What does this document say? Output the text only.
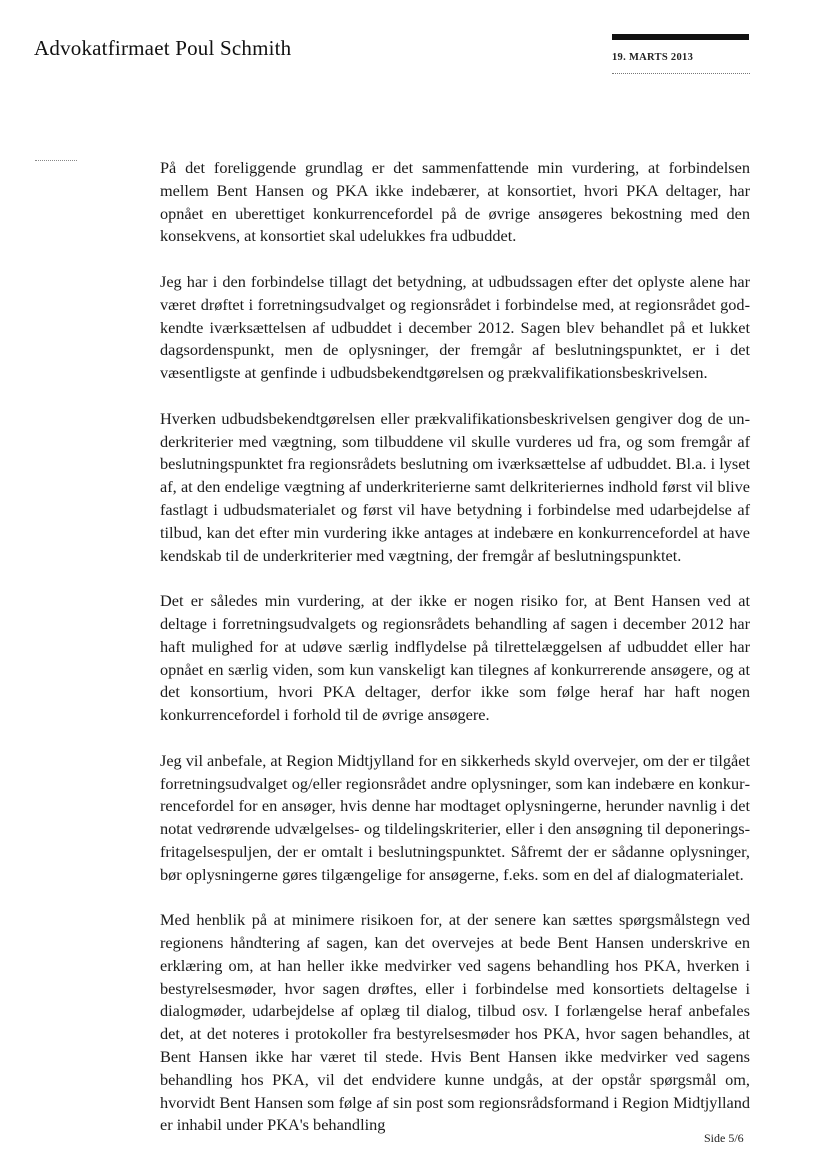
Advokatfirmaet Poul Schmith	19. MARTS 2013

På det foreliggende grundlag er det sammenfattende min vurdering, at forbindelsen mellem Bent Hansen og PKA ikke indebærer, at konsortiet, hvori PKA deltager, har opnået en uberettiget konkurrencefordel på de øvrige ansøgeres bekostning med den konsekvens, at konsortiet skal udelukkes fra udbuddet.

Jeg har i den forbindelse tillagt det betydning, at udbudssagen efter det oplyste alene har været drøftet i forretningsudvalget og regionsrådet i forbindelse med, at regionsrådet godkendte iværksættelsen af udbuddet i december 2012. Sagen blev behandlet på et lukket dagsordenspunkt, men de oplysninger, der fremgår af beslutningspunktet, er i det væsentligste at genfinde i udbudsbekendtgørelsen og prækvalifikationsbeskrivelsen.

Hverken udbudsbekendtgørelsen eller prækvalifikationsbeskrivelsen gengiver dog de underkriterier med vægtning, som tilbuddene vil skulle vurderes ud fra, og som fremgår af beslutningspunktet fra regionsrådets beslutning om iværksættelse af udbuddet. Bl.a. i lyset af, at den endelige vægtning af underkriterierne samt delkriteriernes indhold først vil blive fastlagt i udbudsmaterialet og først vil have betydning i forbindelse med udarbejdelse af tilbud, kan det efter min vurdering ikke antages at indebære en konkurrencefordel at have kendskab til de underkriterier med vægtning, der fremgår af beslutningspunktet.

Det er således min vurdering, at der ikke er nogen risiko for, at Bent Hansen ved at deltage i forretningsudvalgets og regionsrådets behandling af sagen i december 2012 har haft mulighed for at udøve særlig indflydelse på tilrettelæggelsen af udbuddet eller har opnået en særlig viden, som kun vanskeligt kan tilegnes af konkurrerende ansøgere, og at det konsortium, hvori PKA deltager, derfor ikke som følge heraf har haft nogen konkurrencefordel i forhold til de øvrige ansøgere.

Jeg vil anbefale, at Region Midtjylland for en sikkerheds skyld overvejer, om der er tilgået forretningsudvalget og/eller regionsrådet andre oplysninger, som kan indebære en konkurrencefordel for en ansøger, hvis denne har modtaget oplysningerne, herunder navnlig i det notat vedrørende udvælgelses- og tildelingskriterier, eller i den ansøgning til deponeringsfritagelsespuljen, der er omtalt i beslutningspunktet. Såfremt der er sådanne oplysninger, bør oplysningerne gøres tilgængelige for ansøgerne, f.eks. som en del af dialogmaterialet.

Med henblik på at minimere risikoen for, at der senere kan sættes spørgsmålstegn ved regionens håndtering af sagen, kan det overvejes at bede Bent Hansen underskrive en erklæring om, at han heller ikke medvirker ved sagens behandling hos PKA, hverken i bestyrelsesmøder, hvor sagen drøftes, eller i forbindelse med konsortiets deltagelse i dialogmøder, udarbejdelse af oplæg til dialog, tilbud osv. I forlængelse heraf anbefales det, at det noteres i protokoller fra bestyrelsesmøder hos PKA, hvor sagen behandles, at Bent Hansen ikke har været til stede. Hvis Bent Hansen ikke medvirker ved sagens behandling hos PKA, vil det endvidere kunne undgås, at der opstår spørgsmål om, hvorvidt Bent Hansen som følge af sin post som regionsrådsformand i Region Midtjylland er inhabil under PKA's behandling

Side 5/6
